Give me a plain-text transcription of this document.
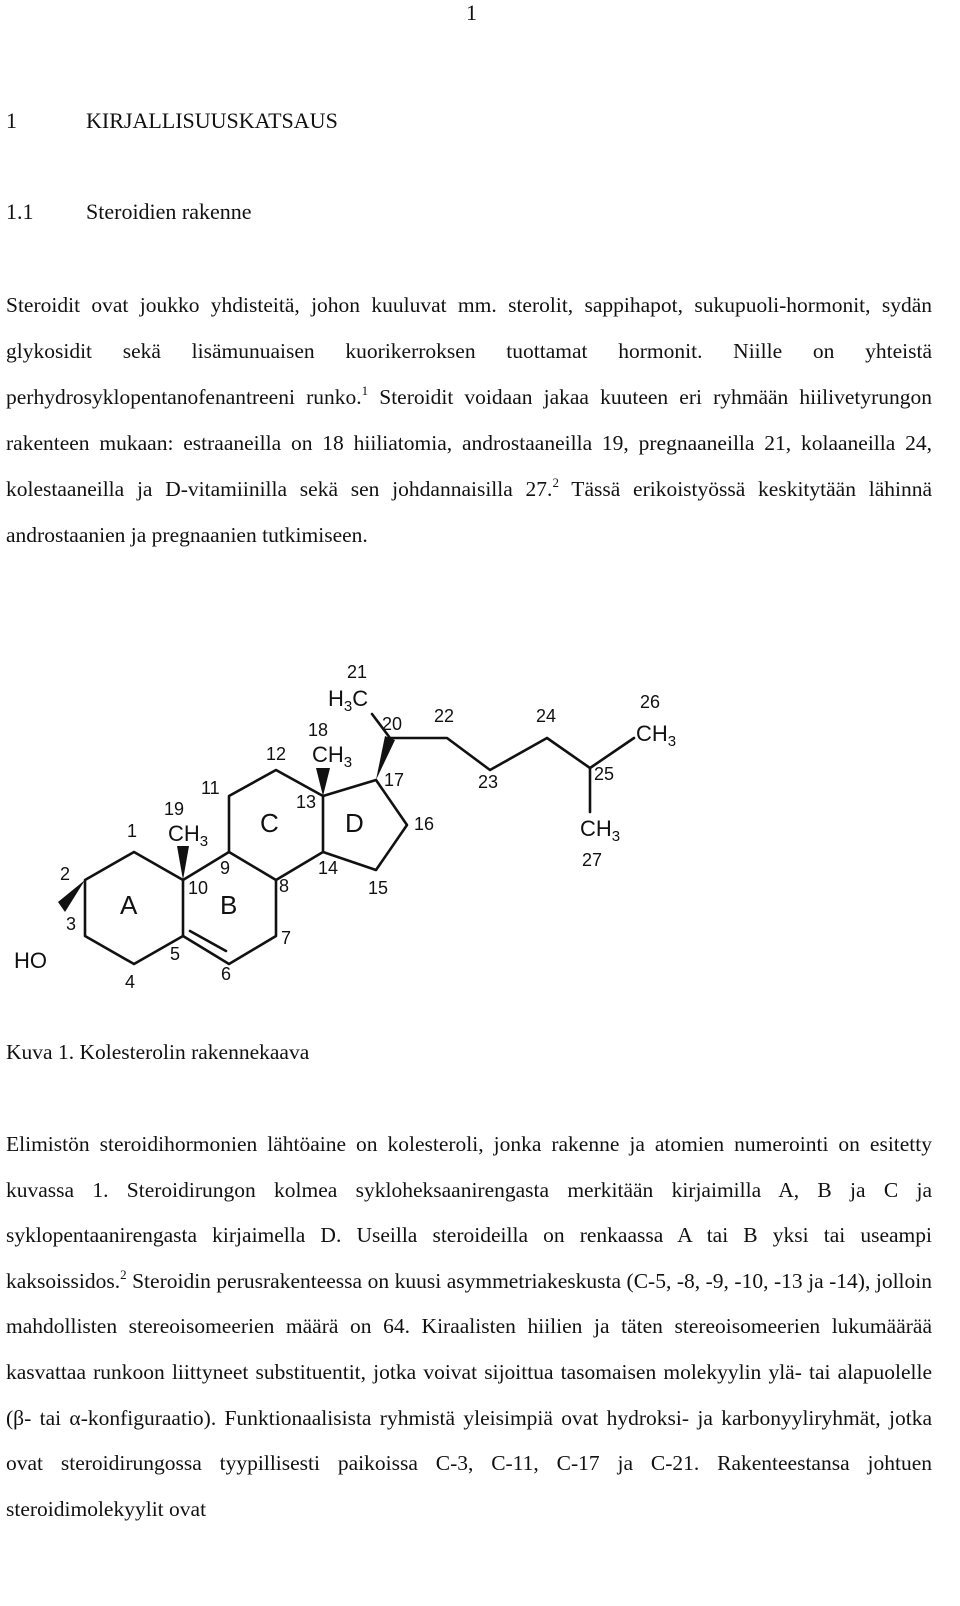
1
1	KIRJALLISUUSKATSAUS
1.1 Steroidien rakenne
Steroidit ovat joukko yhdisteitä, johon kuuluvat mm. sterolit, sappihapot, sukupuoli-hormonit, sydän glykosidit sekä lisämunuaisen kuorikerroksen tuottamat hormonit. Niille on yhteistä perhydrosyklopentanofenantreeni runko.$^1$ Steroidit voidaan jakaa kuuteen eri ryhmään hiilivetyrungon rakenteen mukaan: estraaneilla on 18 hiiliatomia, androstaaneilla 19, pregnaaneilla 21, kolaaneilla 24, kolestaaneilla ja D-vitamiinilla sekä sen johdannaisilla 27.$^2$ Tässä erikoistyössä keskitytään lähinnä androstaanien ja pregnaanien tutkimiseen.
A	B
C	D
HO
$CH_3$
$CH_3$
$H_3C$
$CH_3$
$CH_3$
1
2
3
4
5
6
7
8
9
10
11
12
13
14
15
16
17
18
19
20
21
22
23
24
25
26
27
Kuva 1. Kolesterolin rakennekaava
Elimistön steroidihormonien lähtöaine on kolesteroli, jonka rakenne ja atomien numerointi on esitetty kuvassa 1. Steroidirungon kolmea sykloheksaanirengasta merkitään kirjaimilla A, B ja C ja syklopentaanirengasta kirjaimella D. Useilla steroideilla on renkaassa A tai B yksi tai useampi kaksoissidos.$^2$ Steroidin perusrakenteessa on kuusi asymmetriakeskusta (C-5, -8, -9, -10, -13 ja -14), jolloin mahdollisten stereoisomeerien määrä on 64. Kiraalisten hiilien ja täten stereoisomeerien lukumäärää kasvattaa runkoon liittyneet substituentit, jotka voivat sijoittua tasomaisen molekyylin ylä- tai alapuolelle (β- tai α-konfiguraatio). Funktionaalisista ryhmistä yleisimpiä ovat hydroksi- ja karbonyyliryhmät, jotka ovat steroidirungossa tyypillisesti paikoissa C-3, C-11, C-17 ja C-21. Rakenteestansa johtuen steroidimolekyylit ovat
